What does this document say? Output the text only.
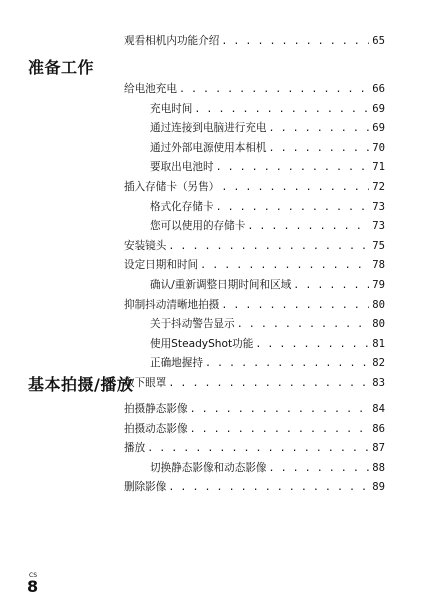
观看相机内功能介绍 . . .	65
准备工作
给电池充电 . . .	66
充电时间 . . .	69
通过连接到电脑进行充电 . . .	69
通过外部电源使用本相机 . . .	70
要取出电池时 . . .	71
插入存储卡（另售） . . .	72
格式化存储卡 . . .	73
您可以使用的存储卡 . . .	73
安装镜头 . . .	75
设定日期和时间 . . .	78
确认/重新调整日期时间和区域 . . .	79
抑制抖动清晰地拍摄 . . .	80
关于抖动警告显示 . . .	80
使用SteadyShot功能 . . .	81
正确地握持 . . .	82
取下眼罩 . . .	83
基本拍摄/播放
拍摄静态影像 . . .	84
拍摄动态影像 . . .	86
播放 . . .	87
切换静态影像和动态影像 . . .	88
删除影像 . . .	89
CS
8
